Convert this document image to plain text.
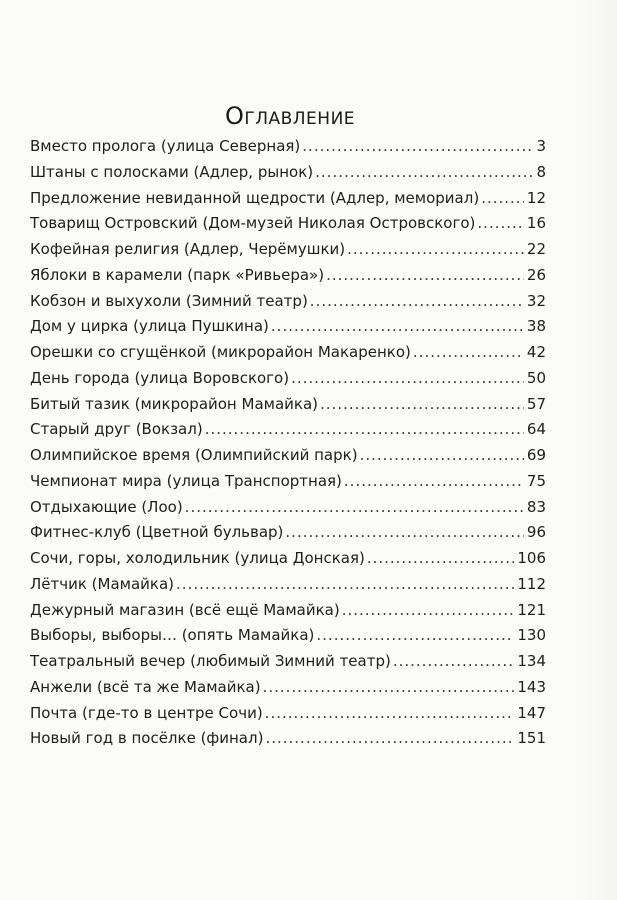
Оглавление
Вместо пролога (улица Северная) .....	3
Штаны с полосками (Адлер, рынок) .....	8
Предложение невиданной щедрости (Адлер, мемориал) .....	12
Товарищ Островский (Дом-музей Николая Островского) .....	16
Кофейная религия (Адлер, Черёмушки) .....	22
Яблоки в карамели (парк «Ривьера») .....	26
Кобзон и выхухоли (Зимний театр) .....	32
Дом у цирка (улица Пушкина) .....	38
Орешки со сгущёнкой (микрорайон Макаренко) .....	42
День города (улица Воровского) .....	50
Битый тазик (микрорайон Мамайка) .....	57
Старый друг (Вокзал) .....	64
Олимпийское время (Олимпийский парк) .....	69
Чемпионат мира (улица Транспортная) .....	75
Отдыхающие (Лоо) .....	83
Фитнес-клуб (Цветной бульвар) .....	96
Сочи, горы, холодильник (улица Донская) .....	106
Лётчик (Мамайка) .....	112
Дежурный магазин (всё ещё Мамайка) .....	121
Выборы, выборы… (опять Мамайка) .....	130
Театральный вечер (любимый Зимний театр) .....	134
Анжели (всё та же Мамайка) .....	143
Почта (где-то в центре Сочи) .....	147
Новый год в посёлке (финал) .....	151
